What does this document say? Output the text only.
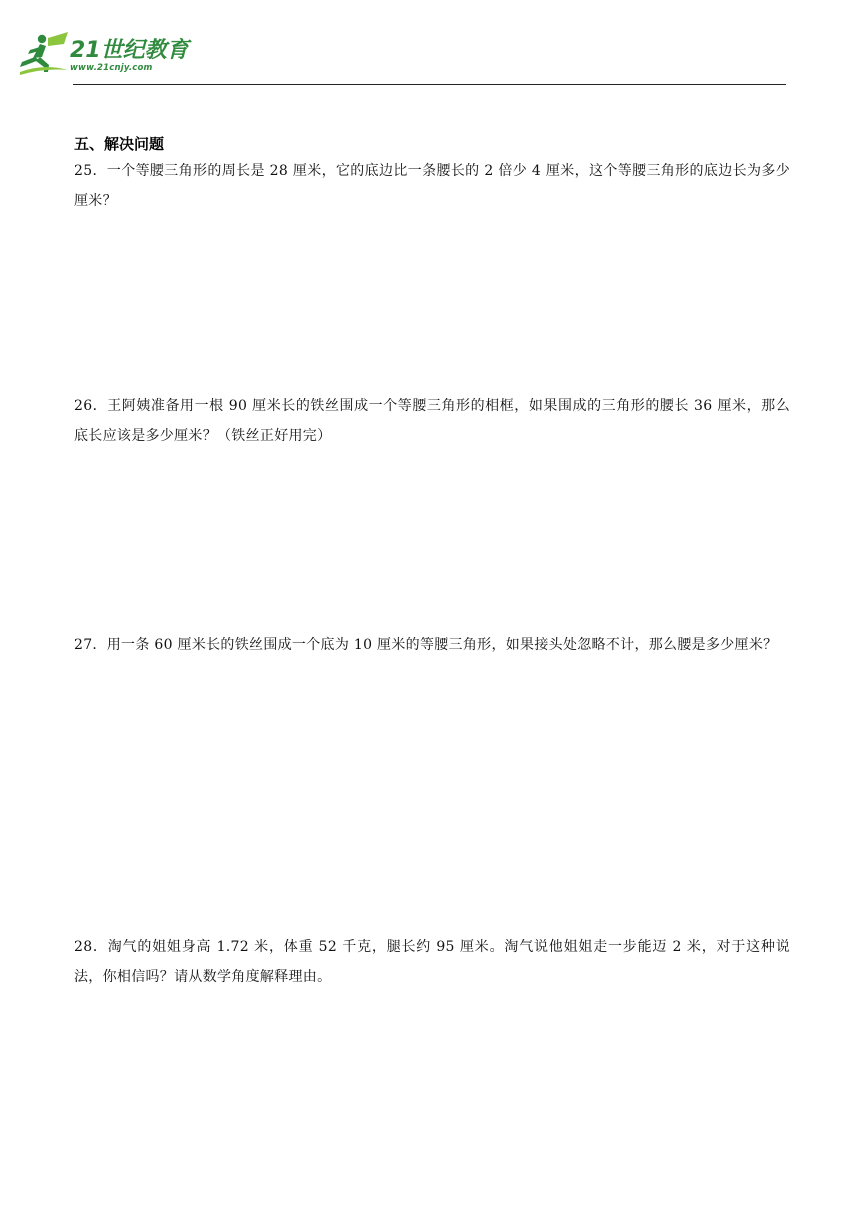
21世纪教育
www.21cnjy.com
五、解决问题
25．一个等腰三角形的周长是 28 厘米，它的底边比一条腰长的 2 倍少 4 厘米，这个等腰三角形的底边长为多少厘米？
26．王阿姨准备用一根 90 厘米长的铁丝围成一个等腰三角形的相框，如果围成的三角形的腰长 36 厘米，那么底长应该是多少厘米？（铁丝正好用完）
27．用一条 60 厘米长的铁丝围成一个底为 10 厘米的等腰三角形，如果接头处忽略不计，那么腰是多少厘米？
28．淘气的姐姐身高 1.72 米，体重 52 千克，腿长约 95 厘米。淘气说他姐姐走一步能迈 2 米，对于这种说法，你相信吗？请从数学角度解释理由。
